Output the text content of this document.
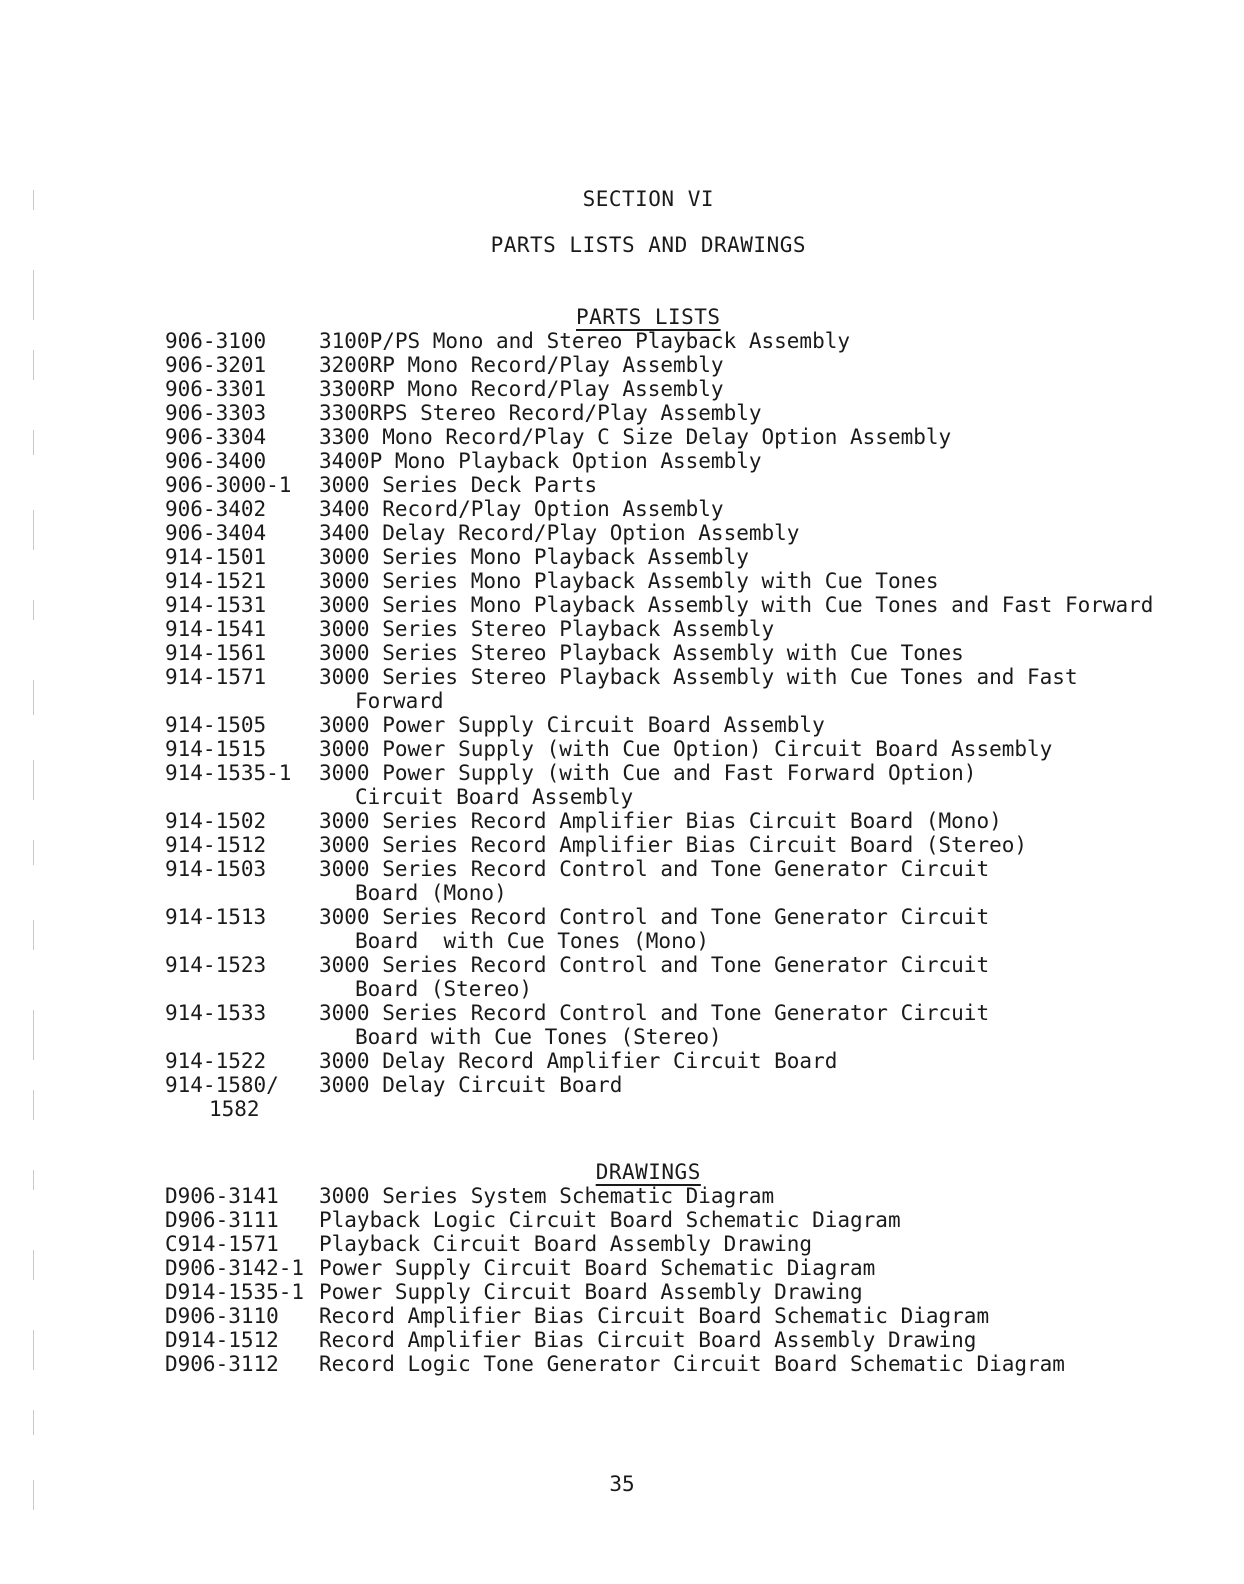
SECTION VI

PARTS LISTS AND DRAWINGS

PARTS LISTS

906-3100	3100P/PS Mono and Stereo Playback Assembly
906-3201	3200RP Mono Record/Play Assembly
906-3301	3300RP Mono Record/Play Assembly
906-3303	3300RPS Stereo Record/Play Assembly
906-3304	3300 Mono Record/Play C Size Delay Option Assembly
906-3400	3400P Mono Playback Option Assembly
906-3000-1	3000 Series Deck Parts
906-3402	3400 Record/Play Option Assembly
906-3404	3400 Delay Record/Play Option Assembly
914-1501	3000 Series Mono Playback Assembly
914-1521	3000 Series Mono Playback Assembly with Cue Tones
914-1531	3000 Series Mono Playback Assembly with Cue Tones and Fast Forward
914-1541	3000 Series Stereo Playback Assembly
914-1561	3000 Series Stereo Playback Assembly with Cue Tones
914-1571	3000 Series Stereo Playback Assembly with Cue Tones and Fast
Forward
914-1505	3000 Power Supply Circuit Board Assembly
914-1515	3000 Power Supply (with Cue Option) Circuit Board Assembly
914-1535-1	3000 Power Supply (with Cue and Fast Forward Option)
Circuit Board Assembly
914-1502	3000 Series Record Amplifier Bias Circuit Board (Mono)
914-1512	3000 Series Record Amplifier Bias Circuit Board (Stereo)
914-1503	3000 Series Record Control and Tone Generator Circuit
Board (Mono)
914-1513	3000 Series Record Control and Tone Generator Circuit
Board  with Cue Tones (Mono)
914-1523	3000 Series Record Control and Tone Generator Circuit
Board (Stereo)
914-1533	3000 Series Record Control and Tone Generator Circuit
Board with Cue Tones (Stereo)
914-1522	3000 Delay Record Amplifier Circuit Board
914-1580/	3000 Delay Circuit Board
1582

DRAWINGS

D906-3141	3000 Series System Schematic Diagram
D906-3111	Playback Logic Circuit Board Schematic Diagram
C914-1571	Playback Circuit Board Assembly Drawing
D906-3142-1 Power Supply Circuit Board Schematic Diagram
D914-1535-1 Power Supply Circuit Board Assembly Drawing
D906-3110	Record Amplifier Bias Circuit Board Schematic Diagram
D914-1512	Record Amplifier Bias Circuit Board Assembly Drawing
D906-3112	Record Logic Tone Generator Circuit Board Schematic Diagram
35
